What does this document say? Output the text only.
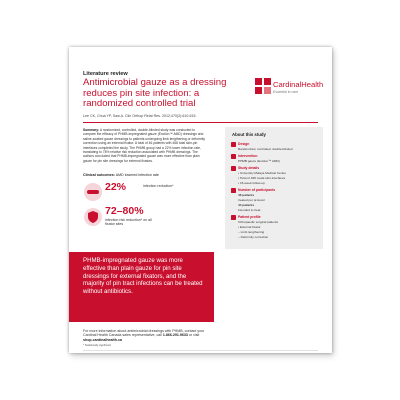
Literature review
Antimicrobial gauze as a dressing reduces pin site infection: a randomized controlled trial
Lee CK, Chua YP, Saw A. Clin Orthop Relat Res. 2012;470(2):610-615.
CardinalHealth
Essential to care
Summary: A randomized, controlled, double-blinded study was conducted to compare the efficacy of PHMB-impregnated gauze (Excilon™ AMD) dressings and saline-soaked gauze dressings to patients undergoing limb lengthening or deformity correction using an external fixator. A total of 46 patients with 468 total skin-pin interfaces completed the study. The PHMB group had a 22% lower infection rate, translating to 78% relative risk reduction associated with PHMB dressings. The authors concluded that PHMB-impregnated gauze was more effective than plain gauze for pin site dressings for external fixators.
Clinical outcomes: AMD lowered infection rate
22%	infection reduction*
72–80%
infection risk reduction* on all fixator sites
PHMB-impregnated gauze was more effective than plain gauze for pin site dressings for external fixators, and the majority of pin tract infections can be treated without antibiotics.
For more information about antimicrobial dressings with PHMB, contact your Cardinal Health Canada sales representative, call 1.866.291.9633 or visit shop.cardinalhealth.ca
* Statistically significant
About this study
Design
Randomized, controlled, double-blinded
Intervention
PHMB gauze (Excilon™ AMD)
Study details
• University Malaya Medical Centre
• Total of 468 metal skin-interfaces
• 15-week follow-up
Number of participants
46 patients
treated per protocol
44 patients
intended to treat
Patient profile
Orthopaedic surgical patients
• External fixator
– Limb lengthening
– Deformity correction
